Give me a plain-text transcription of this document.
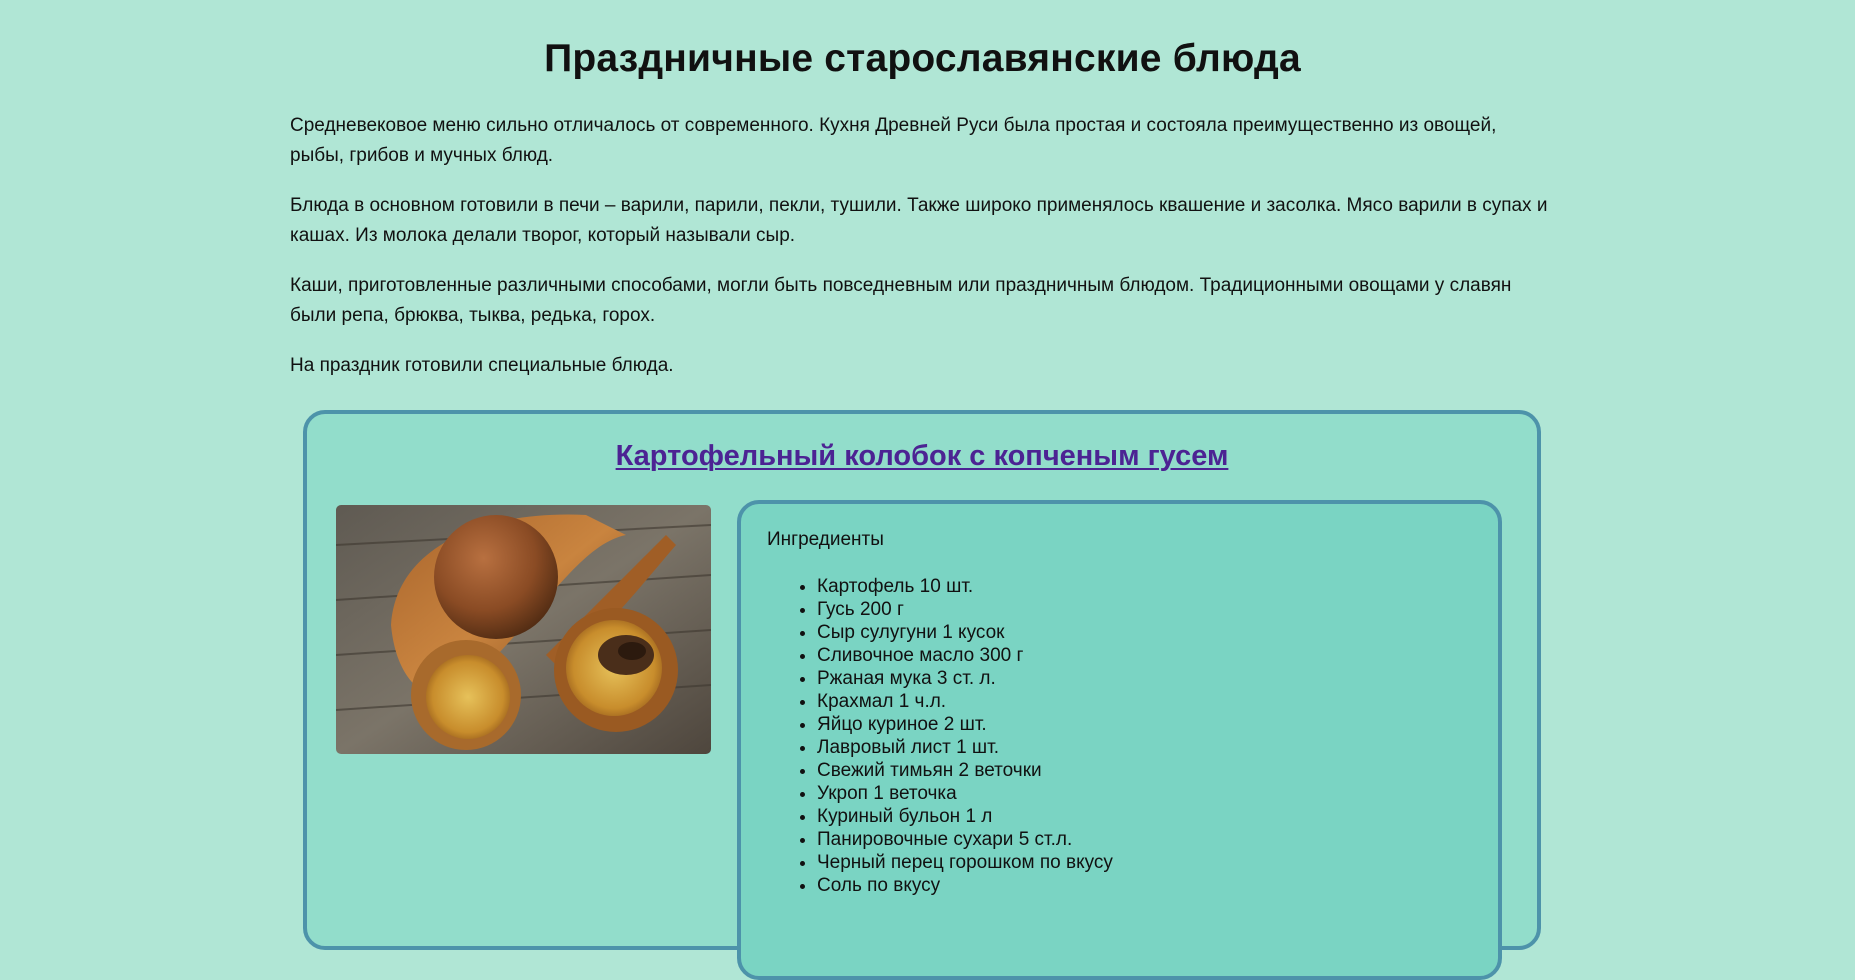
Праздничные старославянские блюда

Средневековое меню сильно отличалось от современного. Кухня Древней Руси была простая и состояла преимущественно из овощей, рыбы, грибов и мучных блюд.

Блюда в основном готовили в печи – варили, парили, пекли, тушили. Также широко применялось квашение и засолка. Мясо варили в супах и кашах. Из молока делали творог, который называли сыр.

Каши, приготовленные различными способами, могли быть повседневным или праздничным блюдом. Традиционными овощами у славян были репа, брюква, тыква, редька, горох.

На праздник готовили специальные блюда.

Картофельный колобок с копченым гусем
Ингредиенты
• Картофель 10 шт.
• Гусь 200 г
• Сыр сулугуни 1 кусок
• Сливочное масло 300 г
• Ржаная мука 3 ст. л.
• Крахмал 1 ч.л.
• Яйцо куриное 2 шт.
• Лавровый лист 1 шт.
• Свежий тимьян 2 веточки
• Укроп 1 веточка
• Куриный бульон 1 л
• Панировочные сухари 5 ст.л.
• Черный перец горошком по вкусу
• Соль по вкусу
